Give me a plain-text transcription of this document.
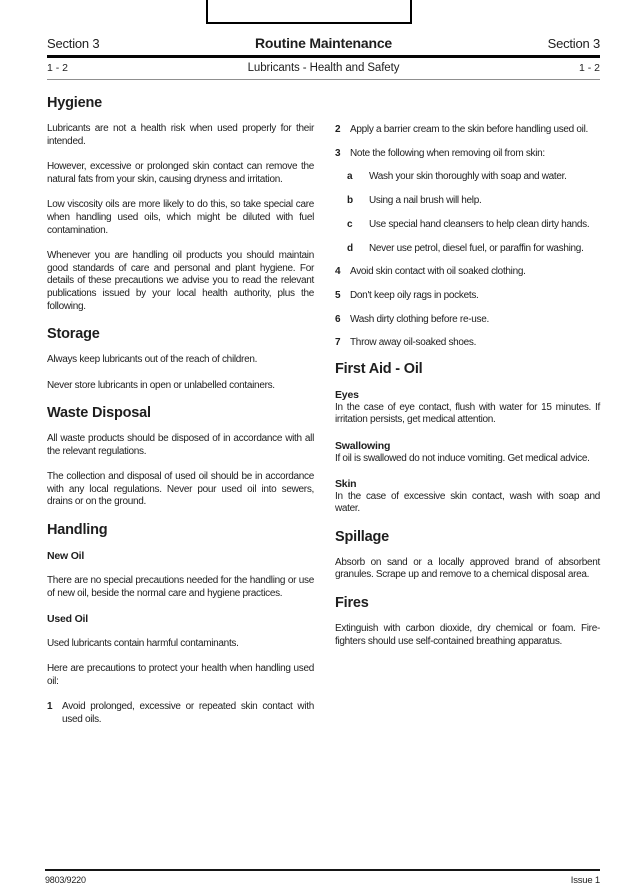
Section 3	Routine Maintenance	Section 3
1 - 2	Lubricants - Health and Safety	1 - 2
Hygiene

Lubricants are not a health risk when used properly for their intended.

However, excessive or prolonged skin contact can remove the natural fats from your skin, causing dryness and irritation.

Low viscosity oils are more likely to do this, so take special care when handling used oils, which might be diluted with fuel contamination.

Whenever you are handling oil products you should maintain good standards of care and personal and plant hygiene. For details of these precautions we advise you to read the relevant publications issued by your local health authority, plus the following.

Storage

Always keep lubricants out of the reach of children.

Never store lubricants in open or unlabelled containers.

Waste Disposal

All waste products should be disposed of in accordance with all the relevant regulations.

The collection and disposal of used oil should be in accordance with any local regulations. Never pour used oil into sewers, drains or on the ground.

Handling
New Oil

There are no special precautions needed for the handling or use of new oil, beside the normal care and hygiene practices.

Used Oil

Used lubricants contain harmful contaminants.

Here are precautions to protect your health when handling used oil:

1 Avoid prolonged, excessive or repeated skin contact with used oils.

2 Apply a barrier cream to the skin before handling used oil.

3 Note the following when removing oil from skin:

a	Wash your skin thoroughly with soap and water.

b	Using a nail brush will help.

c	Use special hand cleansers to help clean dirty hands.

d	Never use petrol, diesel fuel, or paraffin for washing.

4 Avoid skin contact with oil soaked clothing.

5 Don't keep oily rags in pockets.

6 Wash dirty clothing before re-use.

7 Throw away oil-soaked shoes.

First Aid - Oil
Eyes

In the case of eye contact, flush with water for 15 minutes. If irritation persists, get medical attention.

Swallowing

If oil is swallowed do not induce vomiting. Get medical advice.

Skin

In the case of excessive skin contact, wash with soap and water.

Spillage

Absorb on sand or a locally approved brand of absorbent granules. Scrape up and remove to a chemical disposal area.

Fires

Extinguish with carbon dioxide, dry chemical or foam. Fire-fighters should use self-contained breathing apparatus.

9803/9220	Issue 1
